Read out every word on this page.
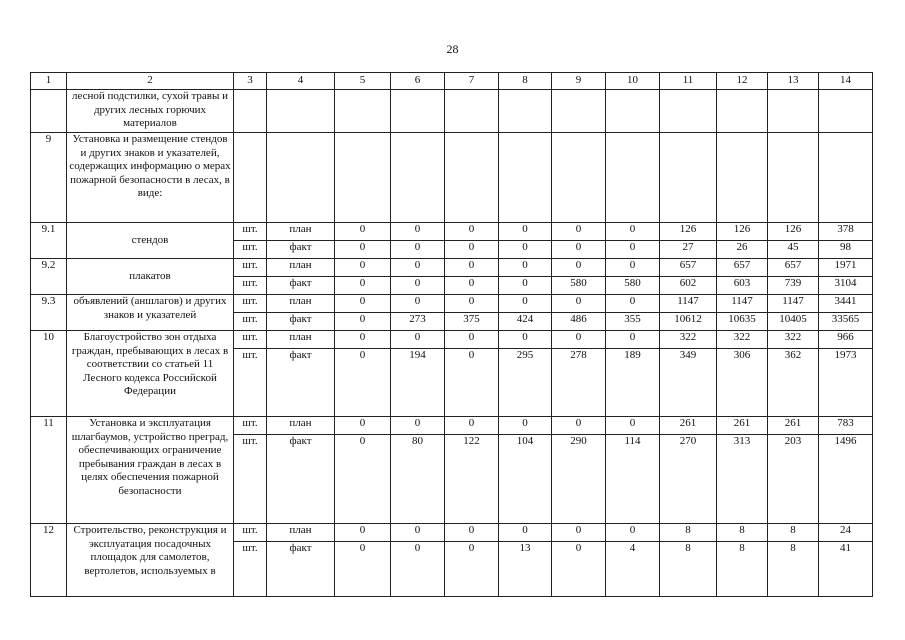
28
1	2	3	4	5	6	7	8	9	10	11	12	13	14
	лесной подстилки, сухой травы и других лесных горючих материалов												
9	Установка и размещение стендов и других знаков и указателей, содержащих информацию о мерах пожарной безопасности в лесах, в виде:												
9.1	стендов	шт.	план	0	0	0	0	0	0	126	126	126	378
		шт.	факт	0	0	0	0	0	0	27	26	45	98
9.2	плакатов	шт.	план	0	0	0	0	0	0	657	657	657	1971
		шт.	факт	0	0	0	0	580	580	602	603	739	3104
9.3	объявлений (аншлагов) и других знаков и указателей	шт.	план	0	0	0	0	0	0	1147	1147	1147	3441
		шт.	факт	0	273	375	424	486	355	10612	10635	10405	33565
10	Благоустройство зон отдыха граждан, пребывающих в лесах в соответствии со статьей 11 Лесного кодекса Российской Федерации	шт.	план	0	0	0	0	0	0	322	322	322	966
		шт.	факт	0	194	0	295	278	189	349	306	362	1973
11	Установка и эксплуатация шлагбаумов, устройство преград, обеспечивающих ограничение пребывания граждан в лесах в целях обеспечения пожарной безопасности	шт.	план	0	0	0	0	0	0	261	261	261	783
		шт.	факт	0	80	122	104	290	114	270	313	203	1496
12	Строительство, реконструкция и эксплуатация посадочных площадок для самолетов, вертолетов, используемых в	шт.	план	0	0	0	0	0	0	8	8	8	24
		шт.	факт	0	0	0	13	0	4	8	8	8	41
